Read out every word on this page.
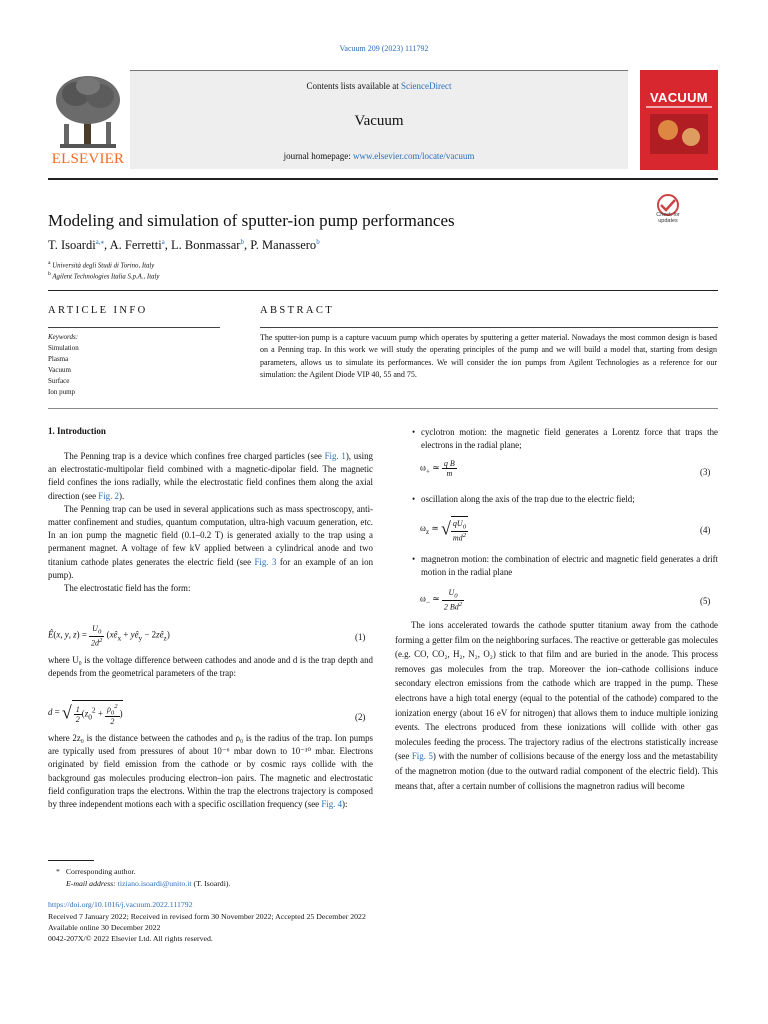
Vacuum 209 (2023) 111792
ELSEVIER
Contents lists available at ScienceDirect
Vacuum
journal homepage: www.elsevier.com/locate/vacuum
VACUUM
Modeling and simulation of sputter-ion pump performances	Check for updates
T. Isoardi$^{a,⁎}$, A. Ferretti$^a$, L. Bonmassar$^b$, P. Manassero$^b$
$^a$ Università degli Studi di Torino, Italy
$^b$ Agilent Technologies Italia S.p.A., Italy
ARTICLE INFO	ABSTRACT
Keywords:
Simulation
Plasma
Vacuum
Surface
Ion pump
The sputter-ion pump is a capture vacuum pump which operates by sputtering a getter material. Nowadays the most common design is based on a Penning trap. In this work we will study the operating principles of the pump and we will build a model that, starting from design parameters, allows us to simulate its performances. We will consider the ion pumps from Agilent Technologies as a reference for our simulation: the Agilent Diode VIP 40, 55 and 75.
1. Introduction

The Penning trap is a device which confines free charged particles (see Fig. 1), using an electrostatic-multipolar field combined with a magnetic-dipolar field. The magnetic field confines the ions radially, while the electrostatic field confines them along the axial direction (see Fig. 2).

The Penning trap can be used in several applications such as mass spectroscopy, anti-matter confinement and studies, quantum computation, ultra-high vacuum generation, etc. In an ion pump the magnetic field (0.1–0.2 T) is generated axially to the trap using a permanent magnet. A voltage of few kV applied between a cylindrical anode and two titanium cathode plates generates the electric field (see Fig. 3 for an example of an ion pump).

The electrostatic field has the form:

Ê(x, y, $z) = \frac{U_0}{2d^2}$ ($xê_x$ + $yê_y$ − $2zê_z$)	(1)
where U₀ is the voltage difference between cathodes and anode and d is the trap depth and depends from the geometrical parameters of the trap:
d = √ $\frac{1}{2} (z_0^2 + \frac{\rho_0^2}{2}$ )	(2)
where 2z₀ is the distance between the cathodes and ρ₀ is the radius of the trap. Ion pumps are typically used from pressures of about 10⁻⁶ mbar down to 10⁻¹⁰ mbar. Electrons originated by field emission from the cathode or by cosmic rays collide with the background gas molecules producing electron–ion pairs. The magnetic and electrostatic field configuration traps the electrons. Within the trap the electrons trajectory is composed by three independent motions each with a specific oscillation frequency (see Fig. 4):
• cyclotron motion: the magnetic field generates a Lorentz force that traps the electrons in the radial plane;
$\omega_+$ ≃ $\frac{\text{q B}}{m}$	(3)
• oscillation along the axis of the trap due to the electric field;
$\omega_z$ ≃ √ $\frac{qU_0}{md^2}$	(4)
• magnetron motion: the combination of electric and magnetic field generates a drift motion in the radial plane
$\omega_-$ ≃ $\frac{U_0}{2 Bd^2}$	(5)

The ions accelerated towards the cathode sputter titanium away from the cathode forming a getter film on the neighboring surfaces. The reactive or getterable gas molecules (e.g. CO, CO₂, H₂, N₂, O₂) stick to that film and are buried in the anode. This process removes gas molecules from the trap. Moreover the ion–cathode collisions induce secondary electron emissions from the cathode which are trapped in the pump. These electrons have a high total energy (equal to the potential of the cathode) compared to the ionization energy (about 16 eV for nitrogen) that allows them to induce multiple ionizing events. The electrons produced from these ionizations will collide with other gas molecules feeding the process. The trajectory radius of the electrons statistically increase (see Fig. 5) with the number of collisions because of the energy loss and the metastability of the magnetron motion (due to the outward radial component of the electric field). This means that, after a certain number of collisions the magnetron radius will become

* Corresponding author.
E-mail address: tiziano.isoardi@unito.it (T. Isoardi).
https://doi.org/10.1016/j.vacuum.2022.111792
Received 7 January 2022; Received in revised form 30 November 2022; Accepted 25 December 2022
Available online 30 December 2022
0042-207X/© 2022 Elsevier Ltd. All rights reserved.
